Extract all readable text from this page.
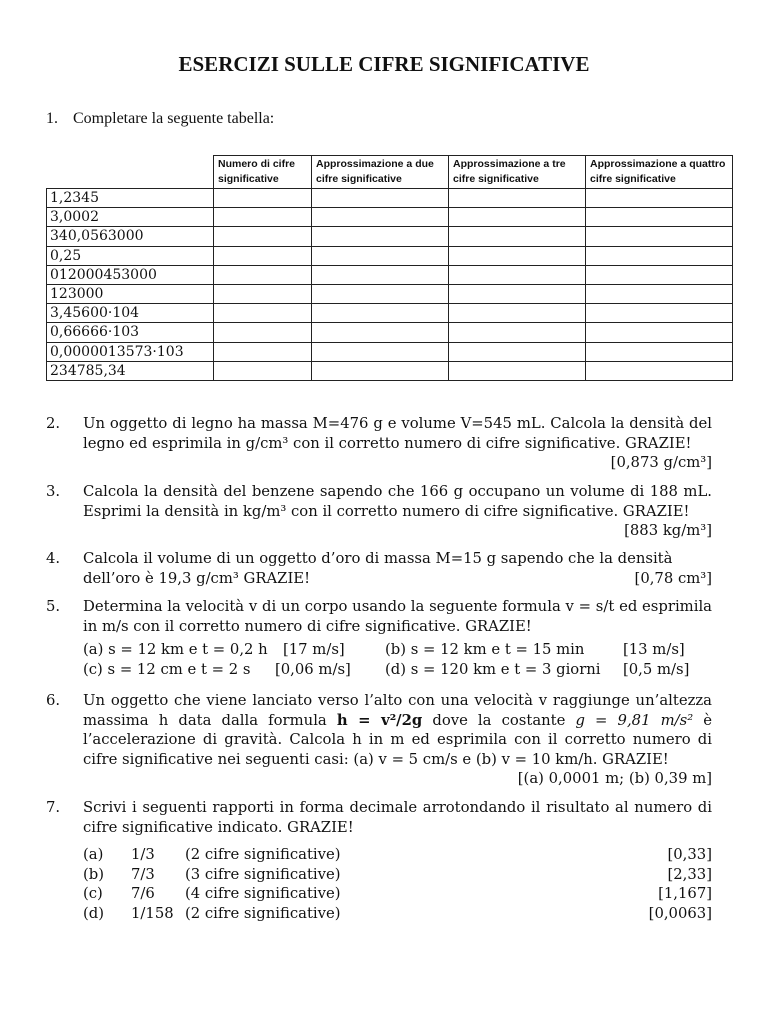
ESERCIZI SULLE CIFRE SIGNIFICATIVE
1. Completare la seguente tabella:
	Numero di cifre significative	Approssimazione a due cifre significative	Approssimazione a tre cifre significative	Approssimazione a quattro cifre significative
1,2345				
3,0002				
340,0563000				
0,25				
012000453000				
123000				
3,45600·104				
0,66666·103				
0,0000013573·103				
234785,34				
2. Un oggetto di legno ha massa M=476 g e volume V=545 mL. Calcola la densità del legno ed esprimila in g/cm³ con il corretto numero di cifre significative. GRAZIE!
[0,873 g/cm³]
3. Calcola la densità del benzene sapendo che 166 g occupano un volume di 188 mL. Esprimi la densità in kg/m³ con il corretto numero di cifre significative. GRAZIE!
[883 kg/m³]
4. Calcola il volume di un oggetto d’oro di massa M=15 g sapendo che la densità
dell’oro è 19,3 g/cm³ GRAZIE!	[0,78 cm³]
5. Determina la velocità v di un corpo usando la seguente formula v = s/t ed esprimila in m/s con il corretto numero di cifre significative. GRAZIE!
(a) s = 12 km e t = 0,2 h	[17 m/s]	(b) s = 12 km e t = 15 min	[13 m/s]
(c) s = 12 cm e t = 2 s	[0,06 m/s]	(d) s = 120 km e t = 3 giorni	[0,5 m/s]
6. Un oggetto che viene lanciato verso l’alto con una velocità v raggiunge un’altezza massima h data dalla formula h = v²/2g dove la costante g = 9,81 m/s² è l’accelerazione di gravità. Calcola h in m ed esprimila con il corretto numero di cifre significative nei seguenti casi: (a) v = 5 cm/s e (b) v = 10 km/h. GRAZIE!
[(a) 0,0001 m; (b) 0,39 m]
7. Scrivi i seguenti rapporti in forma decimale arrotondando il risultato al numero di cifre significative indicato. GRAZIE!
(a)	1/3	(2 cifre significative)	[0,33]
(b)	7/3	(3 cifre significative)	[2,33]
(c)	7/6	(4 cifre significative)	[1,167]
(d)	1/158 (2 cifre significative)	[0,0063]
